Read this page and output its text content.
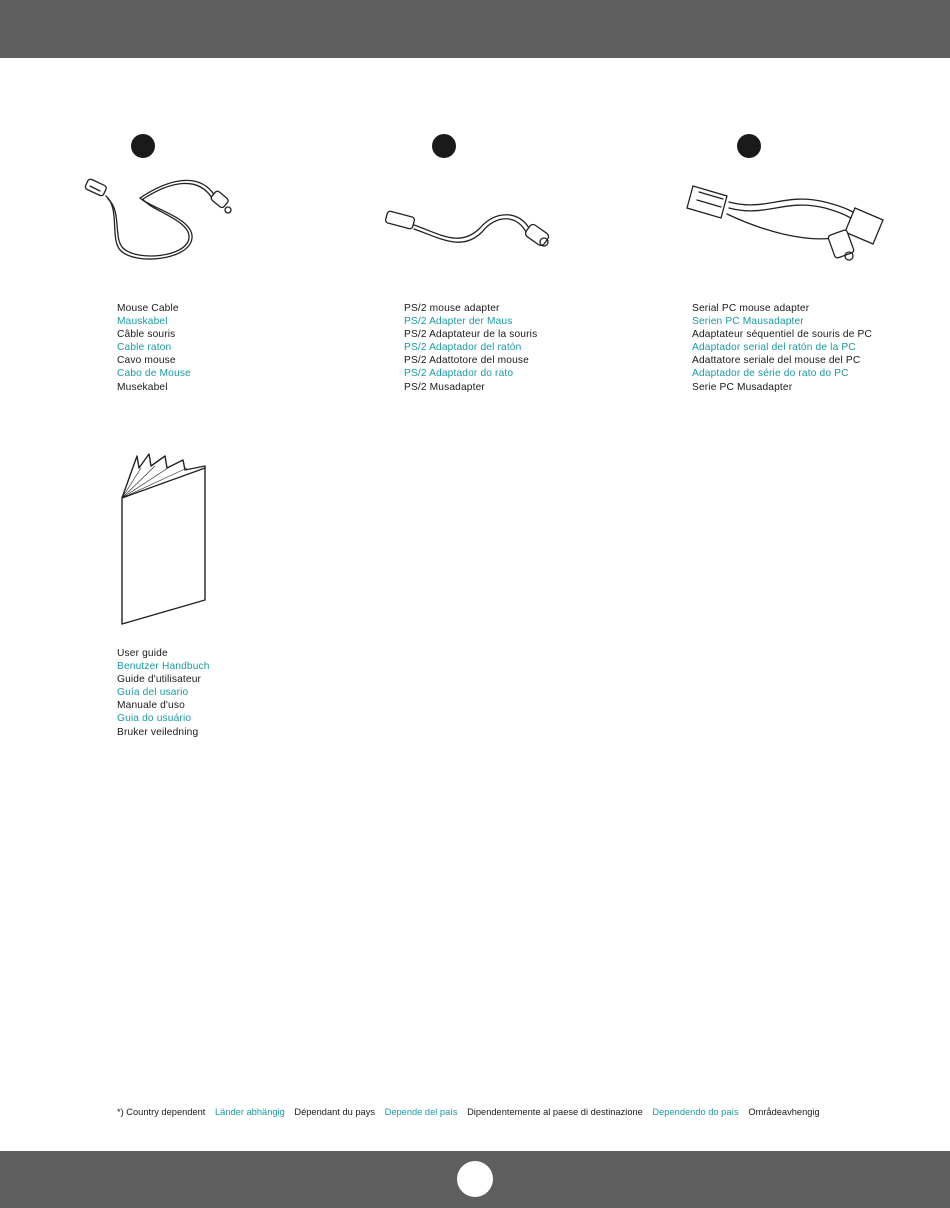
Mouse Cable
Mauskabel
Câble souris
Cable raton
Cavo mouse
Cabo de Mouse
Musekabel
PS/2 mouse adapter
PS/2 Adapter der Maus
PS/2 Adaptateur de la souris
PS/2 Adaptador del ratón
PS/2 Adattotore del mouse
PS/2 Adaptador do rato
PS/2 Musadapter
Serial PC mouse adapter
Serien PC Mausadapter
Adaptateur séquentiel de souris de PC
Adaptador serial del ratón de la PC
Adattatore seriale del mouse del PC
Adaptador de série do rato do PC
Serie PC Musadapter
User guide
Benutzer Handbuch
Guide d'utilisateur
Guía del usario
Manuale d'uso
Guia do usuário
Bruker veiledning
*) Country dependent Länder abhängig Dépendant du pays Depende del país Dipendentemente al paese di destinazione Dependendo do país Områdeavhengig
